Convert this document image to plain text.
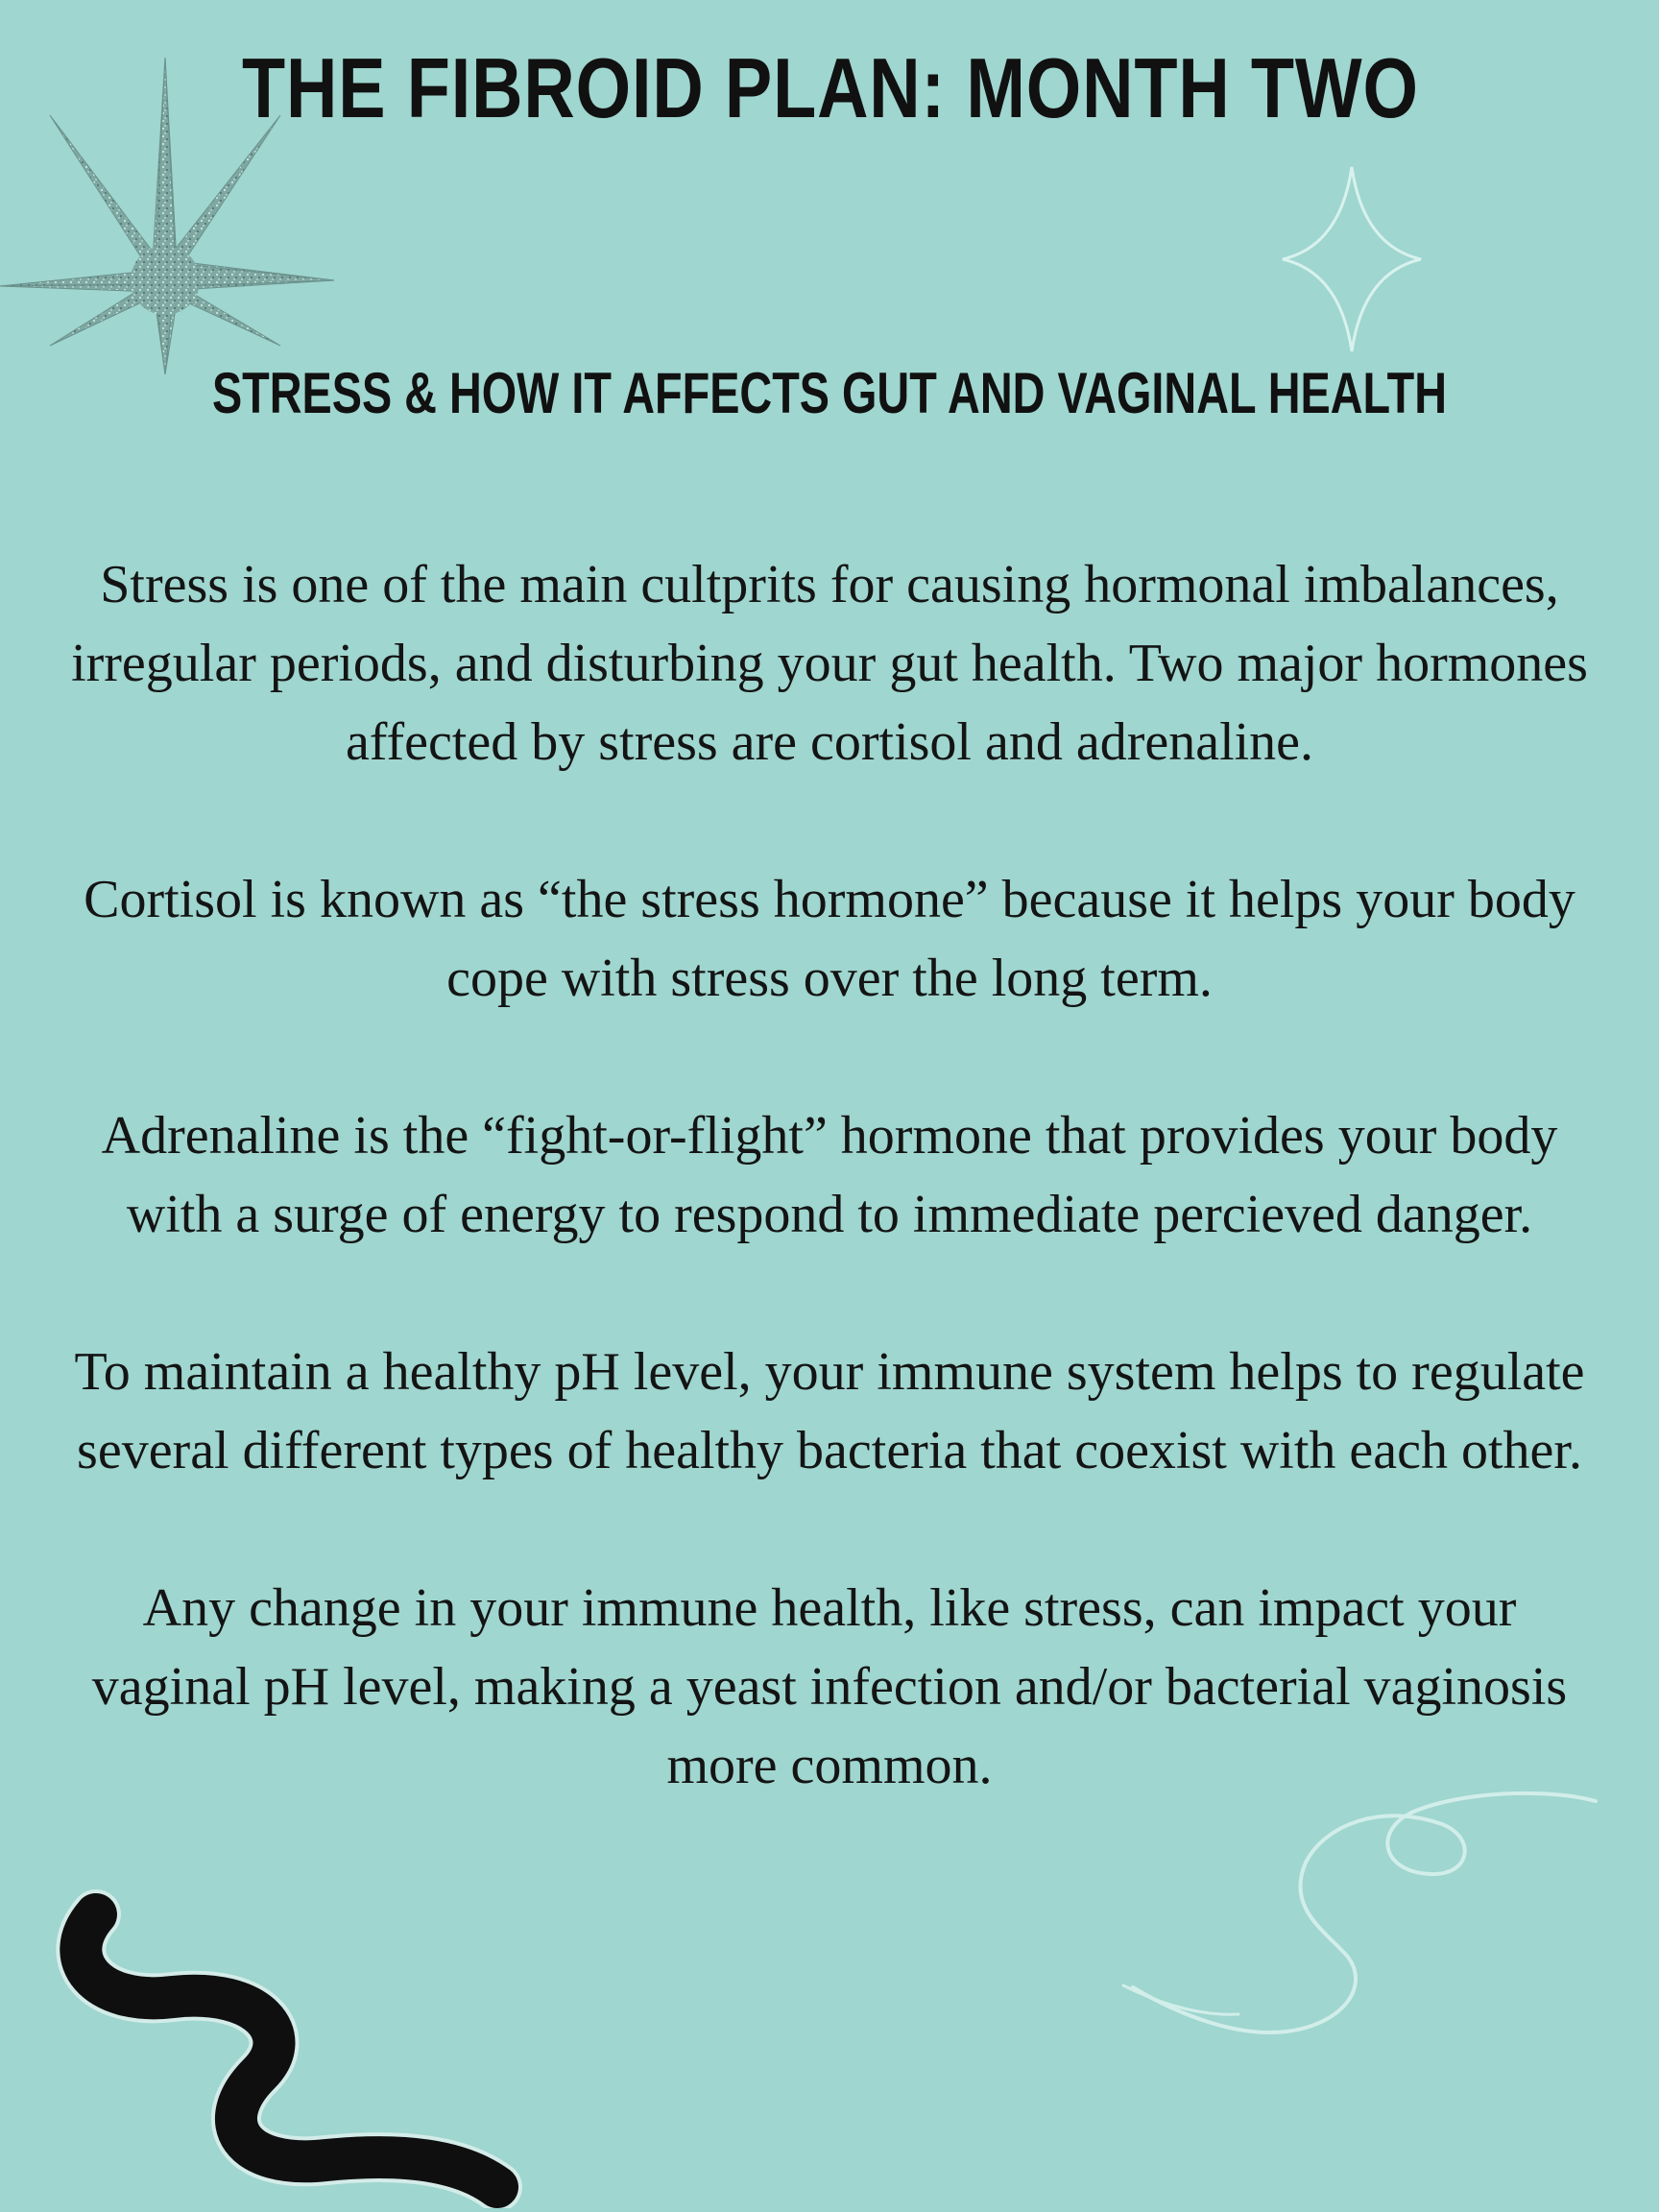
THE FIBROID PLAN: MONTH TWO
STRESS & HOW IT AFFECTS GUT AND VAGINAL HEALTH

Stress is one of the main cultprits for causing hormonal imbalances, irregular periods, and disturbing your gut health. Two major hormones affected by stress are cortisol and adrenaline.

Cortisol is known as “the stress hormone” because it helps your body cope with stress over the long term.

Adrenaline is the “fight-or-flight” hormone that provides your body with a surge of energy to respond to immediate percieved danger.

To maintain a healthy pH level, your immune system helps to regulate several different types of healthy bacteria that coexist with each other.

Any change in your immune health, like stress, can impact your vaginal pH level, making a yeast infection and/or bacterial vaginosis more common.
